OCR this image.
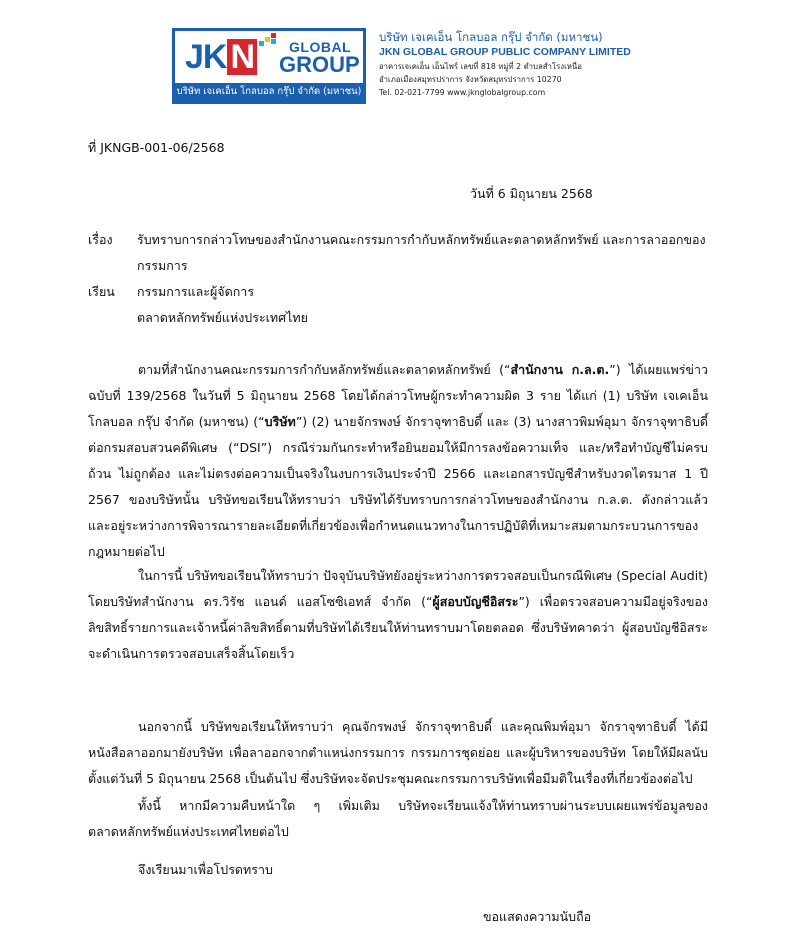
JK N GLOBAL
GROUP
บริษัท เจเคเอ็น โกลบอล กรุ๊ป จำกัด (มหาชน)
บริษัท เจเคเอ็น โกลบอล กรุ๊ป จำกัด (มหาชน)
JKN GLOBAL GROUP PUBLIC COMPANY LIMITED
อาคารเจเคเอ็น เอ็นไพร์ เลขที่ 818 หมู่ที่ 2 ตำบลสำโรงเหนือ
อำเภอเมืองสมุทรปราการ จังหวัดสมุทรปราการ 10270
Tel. 02-021-7799 www.jknglobalgroup.com
ที่ JKNGB-001-06/2568
วันที่ 6 มิถุนายน 2568
เรื่อง รับทราบการกล่าวโทษของสำนักงานคณะกรรมการกำกับหลักทรัพย์และตลาดหลักทรัพย์ และการลาออกของ
กรรมการ
เรียน กรรมการและผู้จัดการ
ตลาดหลักทรัพย์แห่งประเทศไทย
ตามที่สำนักงานคณะกรรมการกำกับหลักทรัพย์และตลาดหลักทรัพย์ (“สำนักงาน ก.ล.ต.”) ได้เผยแพร่ข่าว ฉบับที่ 139/2568 ในวันที่ 5 มิถุนายน 2568 โดยได้กล่าวโทษผู้กระทำความผิด 3 ราย ได้แก่ (1) บริษัท เจเคเอ็น โกลบอล กรุ๊ป จำกัด (มหาชน) (“บริษัท”) (2) นายจักรพงษ์ จักราจุฑาธิบดี์ และ (3) นางสาวพิมพ์อุมา จักราจุฑาธิบดี์ ต่อกรมสอบสวนคดีพิเศษ (“DSI”) กรณีร่วมกันกระทำหรือยินยอมให้มีการลงข้อความเท็จ และ/หรือทำบัญชีไม่ครบถ้วน ไม่ถูกต้อง และไม่ตรงต่อความเป็นจริงในงบการเงินประจำปี 2566 และเอกสารบัญชีสำหรับงวดไตรมาส 1 ปี 2567 ของบริษัทนั้น บริษัทขอเรียนให้ทราบว่า บริษัทได้รับทราบการกล่าวโทษของสำนักงาน ก.ล.ต. ดังกล่าวแล้ว และอยู่ระหว่างการพิจารณารายละเอียดที่เกี่ยวข้องเพื่อกำหนดแนวทางในการปฏิบัติที่เหมาะสมตามกระบวนการของกฎหมายต่อไป
ในการนี้ บริษัทขอเรียนให้ทราบว่า ปัจจุบันบริษัทยังอยู่ระหว่างการตรวจสอบเป็นกรณีพิเศษ (Special Audit) โดยบริษัทสำนักงาน ดร.วิรัช แอนด์ แอสโซซิเอทส์ จำกัด (“ผู้สอบบัญชีอิสระ”) เพื่อตรวจสอบความมีอยู่จริงของลิขสิทธิ์รายการและเจ้าหนี้ค่าลิขสิทธิ์ตามที่บริษัทได้เรียนให้ท่านทราบมาโดยตลอด ซึ่งบริษัทคาดว่า ผู้สอบบัญชีอิสระจะดำเนินการตรวจสอบเสร็จสิ้นโดยเร็ว
นอกจากนี้ บริษัทขอเรียนให้ทราบว่า คุณจักรพงษ์ จักราจุฑาธิบดี์ และคุณพิมพ์อุมา จักราจุฑาธิบดี์ ได้มีหนังสือลาออกมายังบริษัท เพื่อลาออกจากตำแหน่งกรรมการ กรรมการชุดย่อย และผู้บริหารของบริษัท โดยให้มีผลนับตั้งแต่วันที่ 5 มิถุนายน 2568 เป็นต้นไป ซึ่งบริษัทจะจัดประชุมคณะกรรมการบริษัทเพื่อมีมติในเรื่องที่เกี่ยวข้องต่อไป
ทั้งนี้ หากมีความคืบหน้าใด ๆ เพิ่มเติม บริษัทจะเรียนแจ้งให้ท่านทราบผ่านระบบเผยแพร่ข้อมูลของตลาดหลักทรัพย์แห่งประเทศไทยต่อไป
จึงเรียนมาเพื่อโปรดทราบ
ขอแสดงความนับถือ
